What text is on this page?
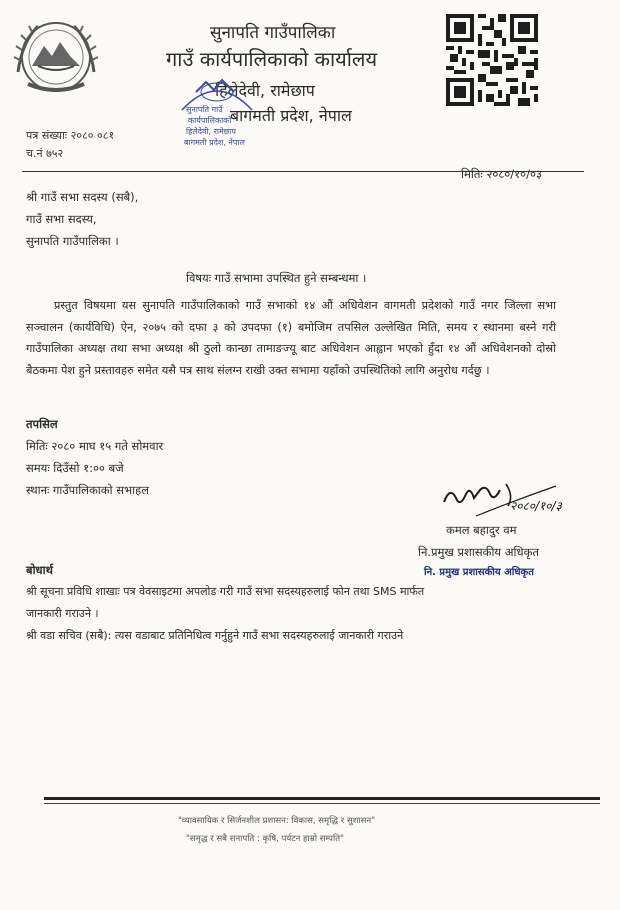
सुनापति गाउँपालिका
गाउँ कार्यपालिकाको कार्यालय
हिलेदेवी, रामेछाप
बागमती प्रदेश, नेपाल
सुनापति गाउँ
कार्यपालिकाको
हिलेदेवी, रामेछाप
बागमती प्रदेश, नेपाल
पत्र संख्याः २०८० ०८१
च.नं ७५२
मितिः २०८०/१०/०३
श्री गाउँ सभा सदस्य (सबै),
गाउँ सभा सदस्य,
सुनापति गाउँपालिका ।
विषयः गाउँ सभामा उपस्थित हुने सम्बन्धमा ।
प्रस्तुत विषयमा यस सुनापति गाउँपालिकाको गाउँ सभाको १४ औं अधिवेशन वागमती प्रदेशको गाउँ नगर जिल्ला सभा सञ्चालन (कार्यविधि) ऐन, २०७५ को दफा ३ को उपदफा (१) बमोजिम तपसिल उल्लेखित मिति, समय र स्थानमा बस्ने गरी गाउँपालिका अध्यक्ष तथा सभा अध्यक्ष श्री ठुलो कान्छा तामाङज्यू बाट अधिवेशन आह्वान भएको हुँदा १४ औं अधिवेशनको दोस्रो बैठकमा पेश हुने प्रस्तावहरु समेत यसै पत्र साथ संलग्न राखी उक्त सभामा यहाँको उपस्थितिको लागि अनुरोध गर्दछु ।
तपसिल
मितिः २०८० माघ १५ गते सोमवार
समयः दिउँसो १:०० बजे
स्थानः गाउँपालिकाको सभाहल
२०८०/१०/३
कमल बहादुर वम
नि.प्रमुख प्रशासकीय अधिकृत
बोधार्थ	नि. प्रमुख प्रशासकीय अधिकृत
श्री सूचना प्रविधि शाखाः पत्र वेवसाइटमा अपलोड गरी गाउँ सभा सदस्यहरुलाई फोन तथा SMS मार्फत
जानकारी गराउने ।
श्री वडा सचिव (सबै): त्यस वडाबाट प्रतिनिधित्व गर्नुहुने गाउँ सभा सदस्यहरुलाई जानकारी गराउने
"व्यावसायिक र सिर्जनशील प्रशासन: विकास, समृद्धि र सुशासन"
"समृद्ध र सबै सनापति : कृषि, पर्यटन हाम्रो सम्पति"
